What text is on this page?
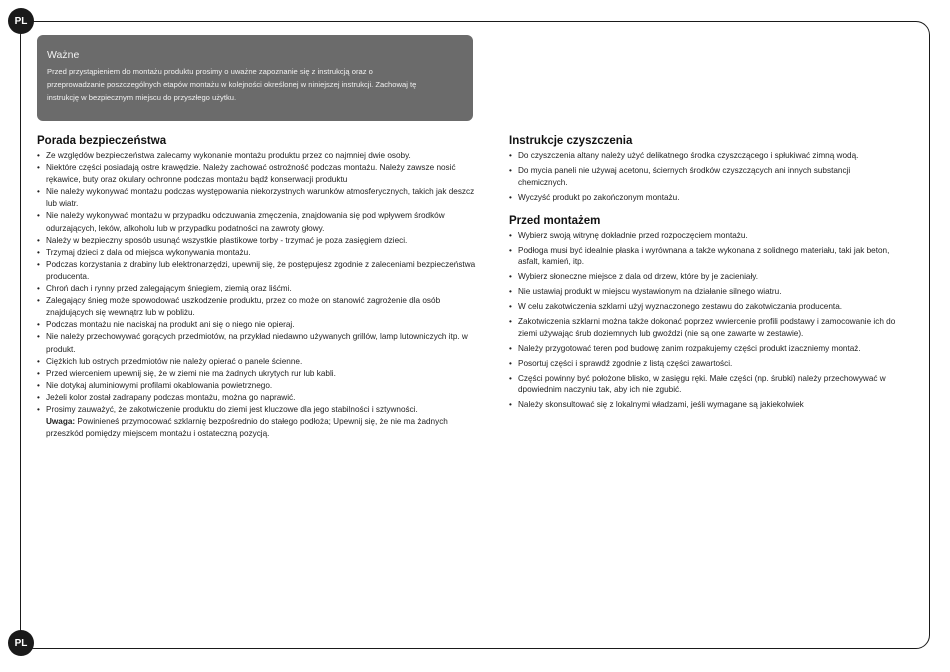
PL
PL
Ważne
Przed przystąpieniem do montażu produktu prosimy o uważne zapoznanie się z instrukcją oraz o przeprowadzanie poszczególnych etapów montażu w kolejności określonej w niniejszej instrukcji. Zachowaj tę instrukcję w bezpiecznym miejscu do przyszłego użytku.
Porada bezpieczeństwa
• Ze względów bezpieczeństwa zalecamy wykonanie montażu produktu przez co najmniej dwie osoby.
• Niektóre części posiadają ostre krawędzie. Należy zachować ostrożność podczas montażu. Należy zawsze nosić rękawice, buty oraz okulary ochronne podczas montażu bądź konserwacji produktu
• Nie należy wykonywać montażu podczas występowania niekorzystnych warunków atmosferycznych, takich jak deszcz lub wiatr.
• Nie należy wykonywać montażu w przypadku odczuwania zmęczenia, znajdowania się pod wpływem środków odurzających, leków, alkoholu lub w przypadku podatności na zawroty głowy.
• Należy w bezpieczny sposób usunąć wszystkie plastikowe torby - trzymać je poza zasięgiem dzieci.
• Trzymaj dzieci z dala od miejsca wykonywania montażu.
• Podczas korzystania z drabiny lub elektronarzędzi, upewnij się, że postępujesz zgodnie z zaleceniami bezpieczeństwa producenta.
• Chroń dach i rynny przed zalegającym śniegiem, ziemią oraz liśćmi.
• Zalegający śnieg może spowodować uszkodzenie produktu, przez co może on stanowić zagrożenie dla osób znajdujących się wewnątrz lub w pobliżu.
• Podczas montażu nie naciskaj na produkt ani się o niego nie opieraj.
• Nie należy przechowywać gorących przedmiotów, na przykład niedawno używanych grillów, lamp lutowniczych itp. w produkt.
• Ciężkich lub ostrych przedmiotów nie należy opierać o panele ścienne.
• Przed wierceniem upewnij się, że w ziemi nie ma żadnych ukrytych rur lub kabli.
• Nie dotykaj aluminiowymi profilami okablowania powietrznego.
• Jeżeli kolor został zadrapany podczas montażu, można go naprawić.
• Prosimy zauważyć, że zakotwiczenie produktu do ziemi jest kluczowe dla jego stabilności i sztywności.
Uwaga: Powinieneś przymocować szklarnię bezpośrednio do stałego podłoża; Upewnij się, że nie ma żadnych przeszkód pomiędzy miejscem montażu i ostateczną pozycją.
Instrukcje czyszczenia
• Do czyszczenia altany należy użyć delikatnego środka czyszczącego i spłukiwać zimną wodą.
• Do mycia paneli nie używaj acetonu, ściernych środków czyszczących ani innych substancji chemicznych.
• Wyczyść produkt po zakończonym montażu.
Przed montażem
• Wybierz swoją witrynę dokładnie przed rozpoczęciem montażu.
• Podłoga musi być idealnie płaska i wyrównana a także wykonana z solidnego materiału, taki jak beton, asfalt, kamień, itp.
• Wybierz słoneczne miejsce z dala od drzew, które by je zacieniały.
• Nie ustawiaj produkt w miejscu wystawionym na działanie silnego wiatru.
• W celu zakotwiczenia szklarni użyj wyznaczonego zestawu do zakotwiczania producenta.
• Zakotwiczenia szklarni można także dokonać poprzez wwiercenie profili podstawy i zamocowanie ich do ziemi używając śrub doziemnych lub gwoździ (nie są one zawarte w zestawie).
• Należy przygotować teren pod budowę zanim rozpakujemy części produkt izaczniemy montaż.
• Posortuj części i sprawdź zgodnie z listą części zawartości.
• Części powinny być położone blisko, w zasięgu ręki. Małe części (np. śrubki) należy przechowywać w dpowiednim naczyniu tak, aby ich nie zgubić.
• Należy skonsultować się z lokalnymi władzami, jeśli wymagane są jakiekolwiek
